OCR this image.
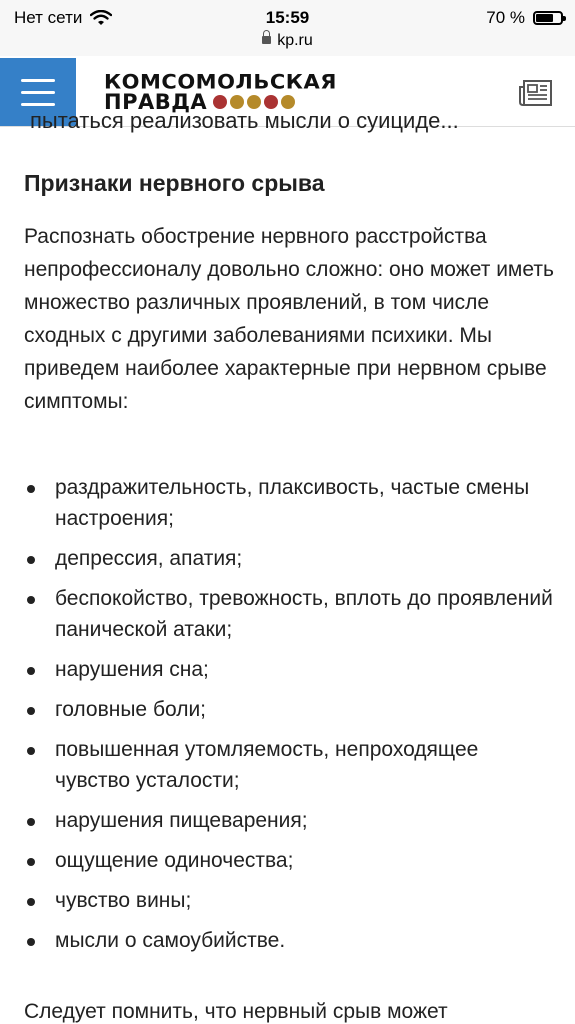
Нет сети	15:59	70 %
kp.ru
КОМСОМОЛЬСКАЯ
ПРАВДА
пытаться реализовать мысли о суициде...
Признаки нервного срыва

Распознать обострение нервного расстройства непрофессионалу довольно сложно: оно может иметь множество различных проявлений, в том числе сходных с другими заболеваниями психики. Мы приведем наиболее характерные при нервном срыве симптомы:

раздражительность, плаксивость, частые смены настроения;
депрессия, апатия;
беспокойство, тревожность, вплоть до проявлений панической атаки;
нарушения сна;
головные боли;
повышенная утомляемость, непроходящее чувство усталости;
нарушения пищеварения;
ощущение одиночества;
чувство вины;
мысли о самоубийстве.
Следует помнить, что нервный срыв может
